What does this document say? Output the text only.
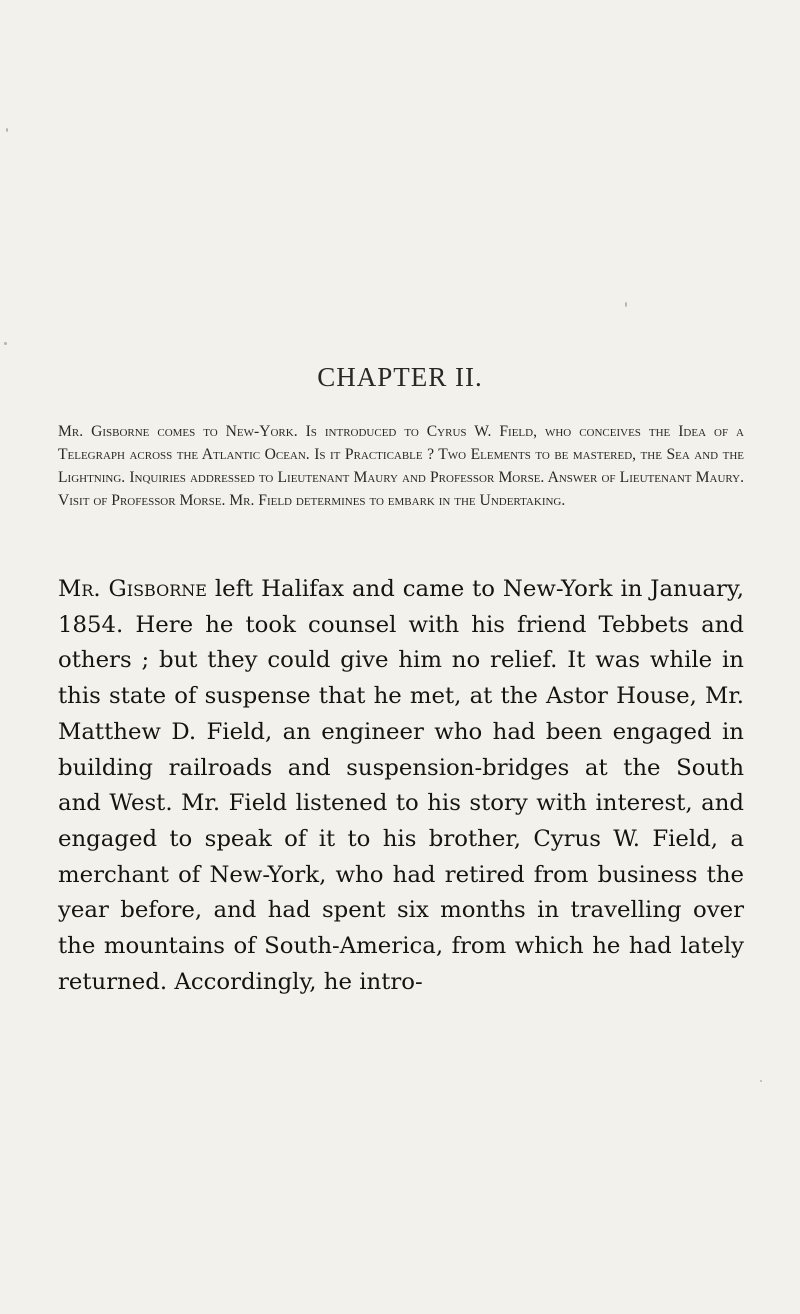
CHAPTER II.

Mr. Gisborne comes to New-York. Is introduced to Cyrus W. Field, who conceives the Idea of a Telegraph across the Atlantic Ocean. Is it Practicable ? Two Elements to be mastered, the Sea and the Lightning. Inquiries addressed to Lieutenant Maury and Professor Morse. Answer of Lieutenant Maury. Visit of Professor Morse. Mr. Field determines to embark in the Undertaking.

Mr. Gisborne left Halifax and came to New-York in January, 1854. Here he took counsel with his friend Tebbets and others ; but they could give him no relief. It was while in this state of suspense that he met, at the Astor House, Mr. Matthew D. Field, an engineer who had been engaged in building railroads and suspension-bridges at the South and West. Mr. Field listened to his story with interest, and engaged to speak of it to his brother, Cyrus W. Field, a merchant of New-York, who had retired from business the year before, and had spent six months in travelling over the mountains of South-America, from which he had lately returned. Accordingly, he intro-
